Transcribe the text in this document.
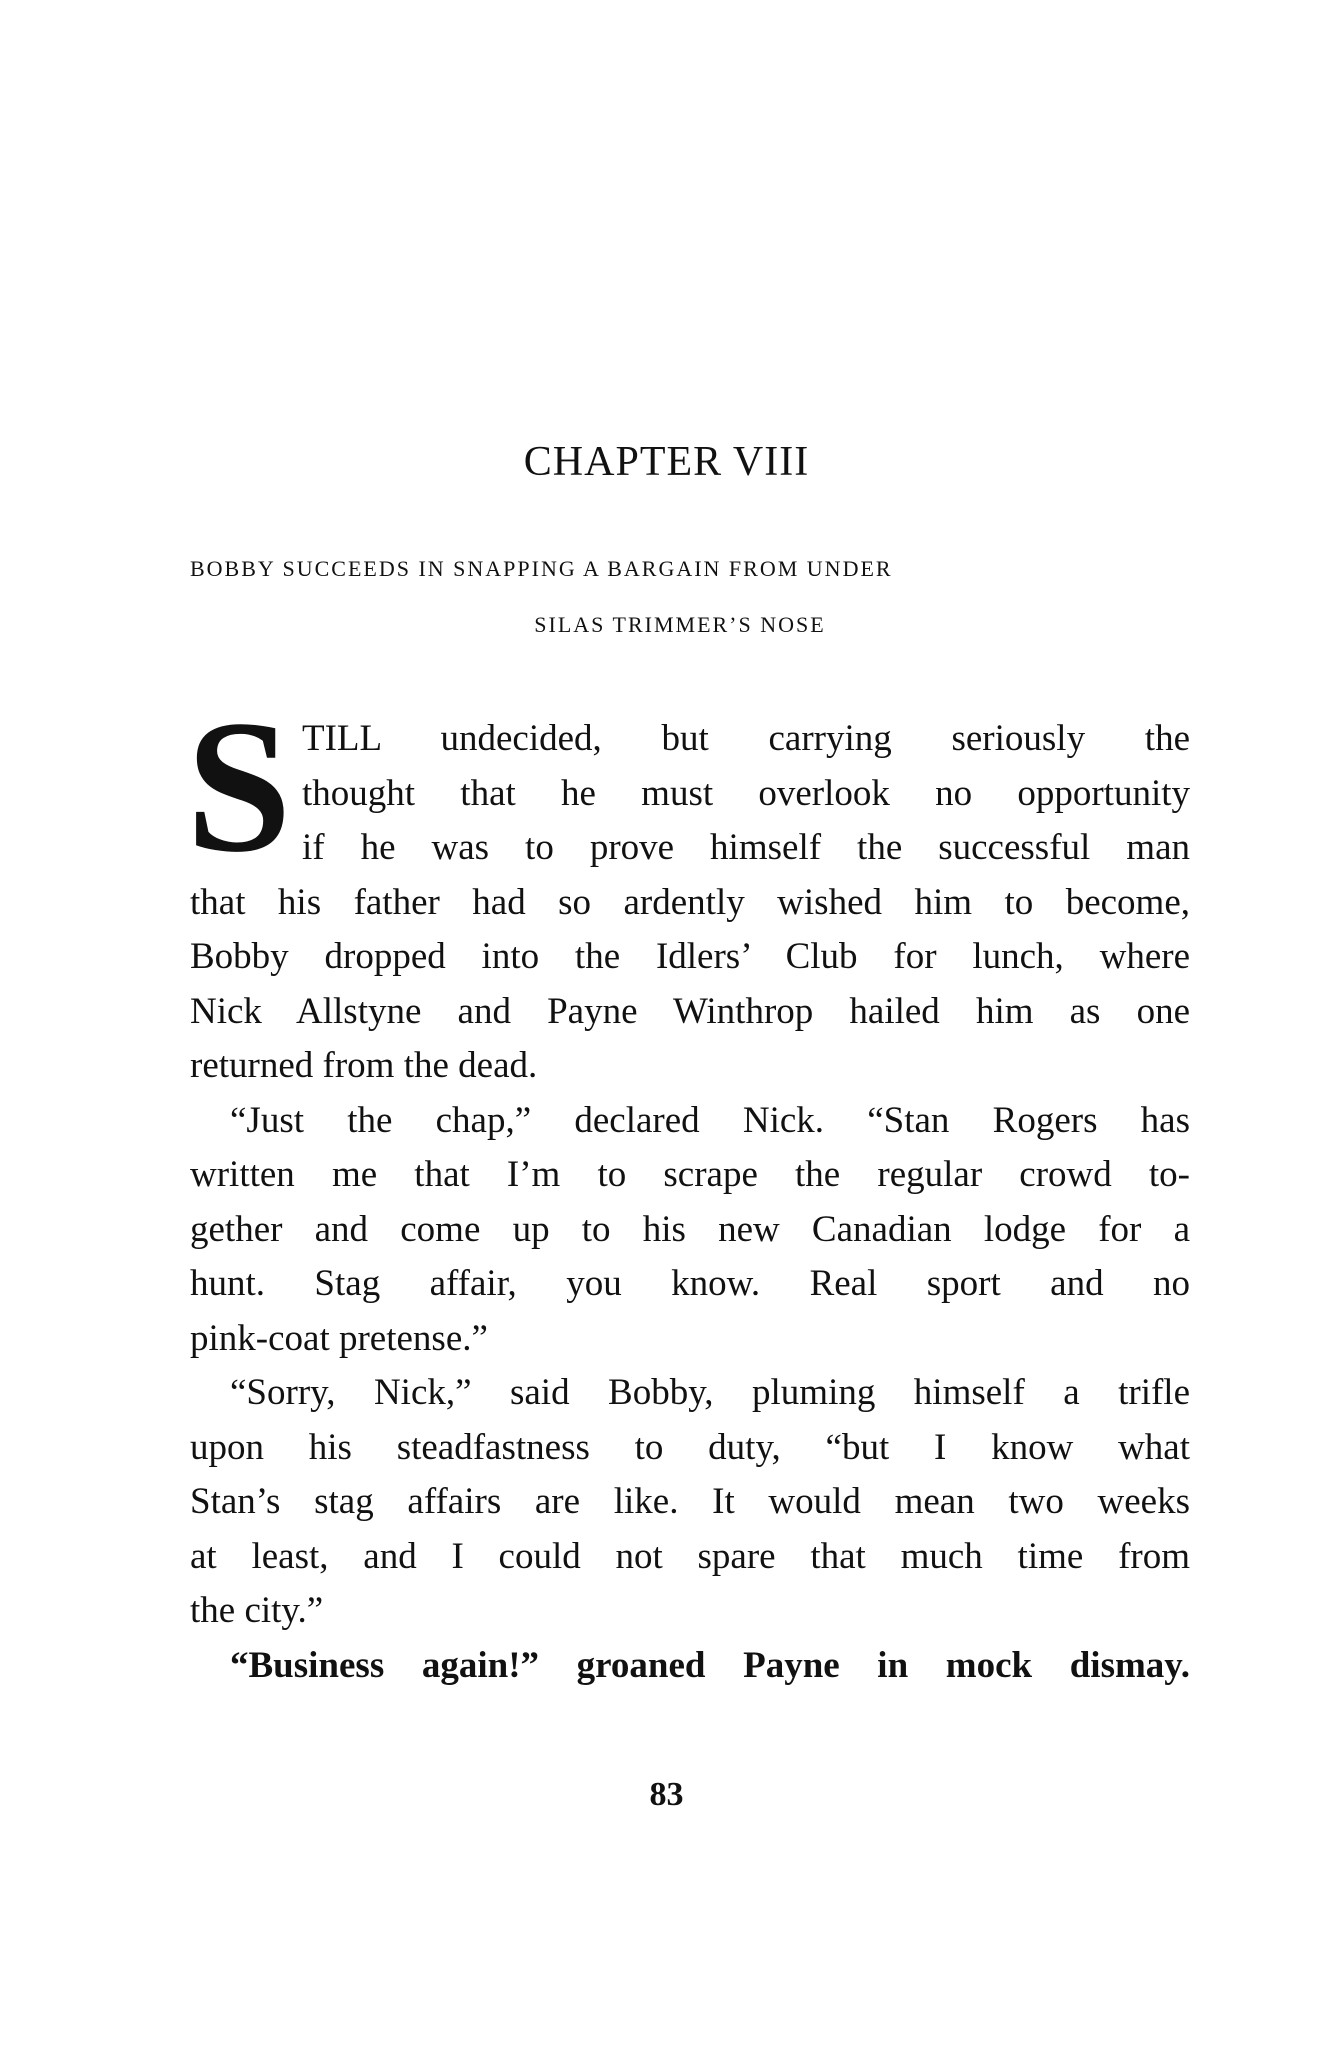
CHAPTER VIII
BOBBY SUCCEEDS IN SNAPPING A BARGAIN FROM UNDER
SILAS TRIMMER’S NOSE
S TILL undecided, but carrying seriously the
thought that he must overlook no opportunity
if he was to prove himself the successful man
that his father had so ardently wished him to become,
Bobby dropped into the Idlers’ Club for lunch, where
Nick Allstyne and Payne Winthrop hailed him as one
returned from the dead.
“Just the chap,” declared Nick. “Stan Rogers has
written me that I’m to scrape the regular crowd to-
gether and come up to his new Canadian lodge for a
hunt. Stag affair, you know. Real sport and no
pink-coat pretense.”
“Sorry, Nick,” said Bobby, pluming himself a trifle
upon his steadfastness to duty, “but I know what
Stan’s stag affairs are like. It would mean two weeks
at least, and I could not spare that much time from
the city.”
“Business again!” groaned Payne in mock dismay.
83
